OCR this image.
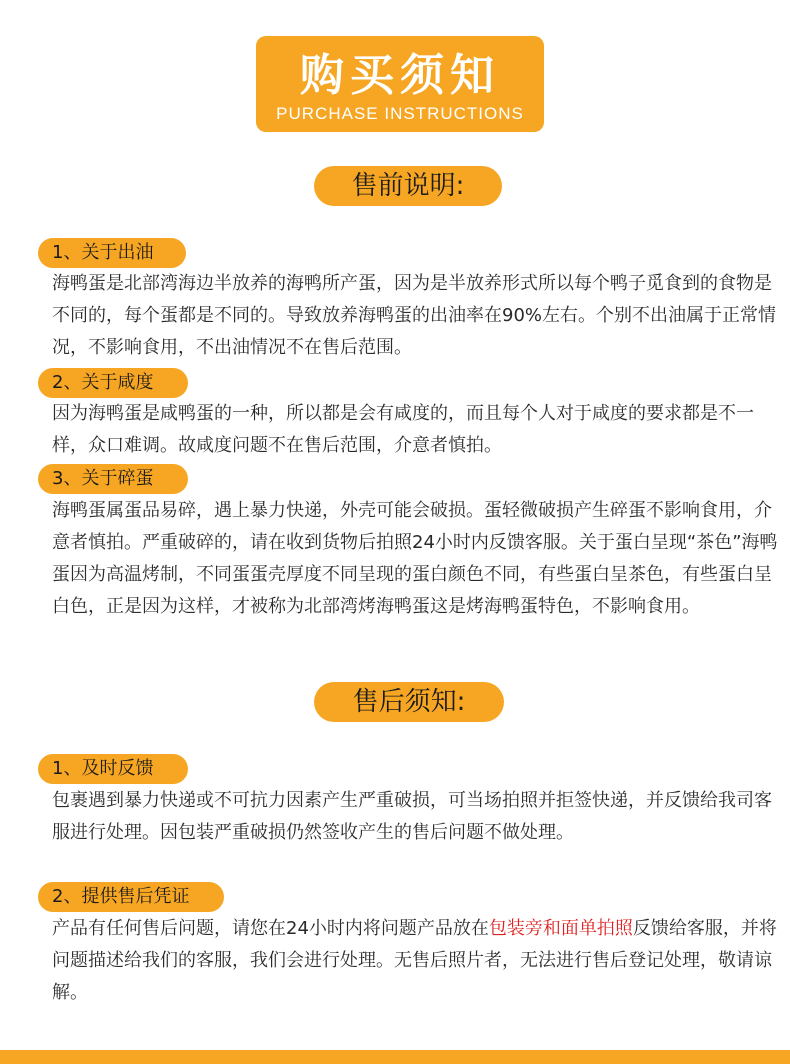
购买须知
PURCHASE INSTRUCTIONS
售前说明:
1、关于出油

海鸭蛋是北部湾海边半放养的海鸭所产蛋，因为是半放养形式所以每个鸭子觅食到的食物是不同的，每个蛋都是不同的。导致放养海鸭蛋的出油率在90%左右。个别不出油属于正常情况，不影响食用，不出油情况不在售后范围。

2、关于咸度

因为海鸭蛋是咸鸭蛋的一种，所以都是会有咸度的，而且每个人对于咸度的要求都是不一样，众口难调。故咸度问题不在售后范围，介意者慎拍。

3、关于碎蛋

海鸭蛋属蛋品易碎，遇上暴力快递，外壳可能会破损。蛋轻微破损产生碎蛋不影响食用，介意者慎拍。严重破碎的，请在收到货物后拍照24小时内反馈客服。关于蛋白呈现“茶色”海鸭蛋因为高温烤制，不同蛋蛋壳厚度不同呈现的蛋白颜色不同，有些蛋白呈茶色，有些蛋白呈白色，正是因为这样，才被称为北部湾烤海鸭蛋这是烤海鸭蛋特色，不影响食用。

售后须知:
1、及时反馈

包裹遇到暴力快递或不可抗力因素产生严重破损，可当场拍照并拒签快递，并反馈给我司客服进行处理。因包装严重破损仍然签收产生的售后问题不做处理。

2、提供售后凭证

产品有任何售后问题，请您在24小时内将问题产品放在包装旁和面单拍照反馈给客服，并将问题描述给我们的客服，我们会进行处理。无售后照片者，无法进行售后登记处理，敬请谅解。
